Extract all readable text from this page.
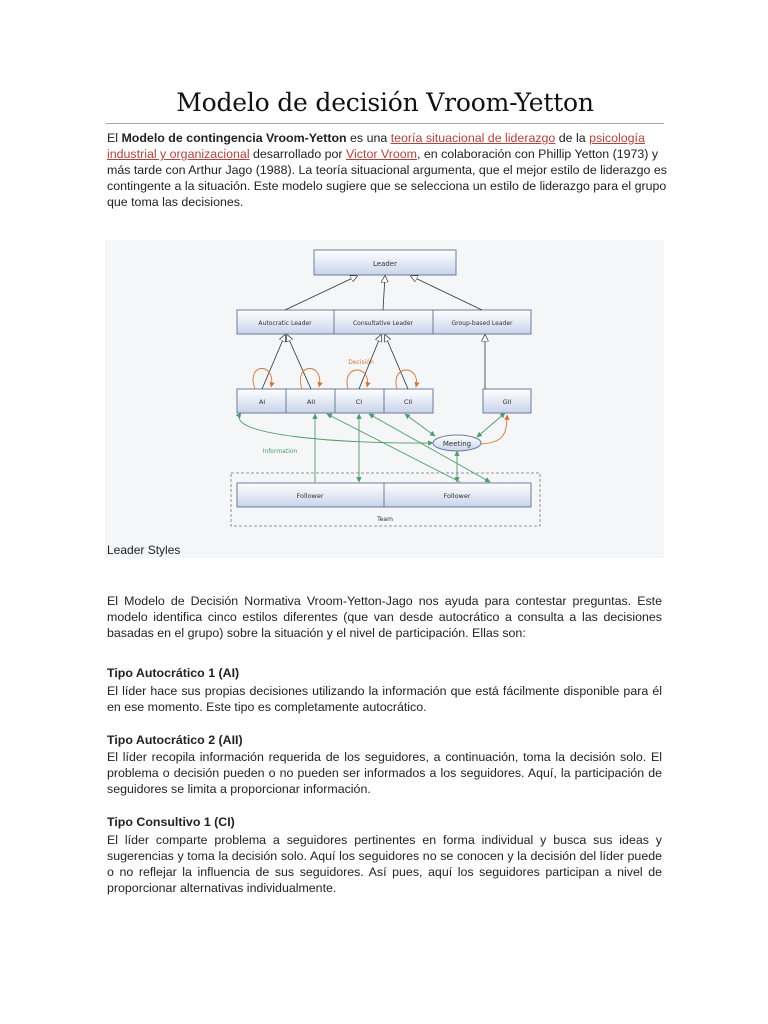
Modelo de decisión Vroom-Yetton

El Modelo de contingencia Vroom-Yetton es una teoría situacional de liderazgo de la psicología industrial y organizacional desarrollado por Victor Vroom, en colaboración con Phillip Yetton (1973) y más tarde con Arthur Jago (1988). La teoría situacional argumenta, que el mejor estilo de liderazgo es contingente a la situación. Este modelo sugiere que se selecciona un estilo de liderazgo para el grupo que toma las decisiones.

Leader
Autocratic Leader	Consultative Leader	Group-based Leader
AI	AII	CI	CII	GII
Decisión
Meeting
Information
Team
Follower	Follower
Leader Styles

El Modelo de Decisión Normativa Vroom-Yetton-Jago nos ayuda para contestar preguntas. Este modelo identifica cinco estilos diferentes (que van desde autocrático a consulta a las decisiones basadas en el grupo) sobre la situación y el nivel de participación. Ellas son:

Tipo Autocrático 1 (AI)

El líder hace sus propias decisiones utilizando la información que está fácilmente disponible para él en ese momento. Este tipo es completamente autocrático.

Tipo Autocrático 2 (AII)

El líder recopila información requerida de los seguidores, a continuación, toma la decisión solo. El problema o decisión pueden o no pueden ser informados a los seguidores. Aquí, la participación de seguidores se limita a proporcionar información.

Tipo Consultivo 1 (CI)

El líder comparte problema a seguidores pertinentes en forma individual y busca sus ideas y sugerencias y toma la decisión solo. Aquí los seguidores no se conocen y la decisión del líder puede o no reflejar la influencia de sus seguidores. Así pues, aquí los seguidores participan a nivel de proporcionar alternativas individualmente.
